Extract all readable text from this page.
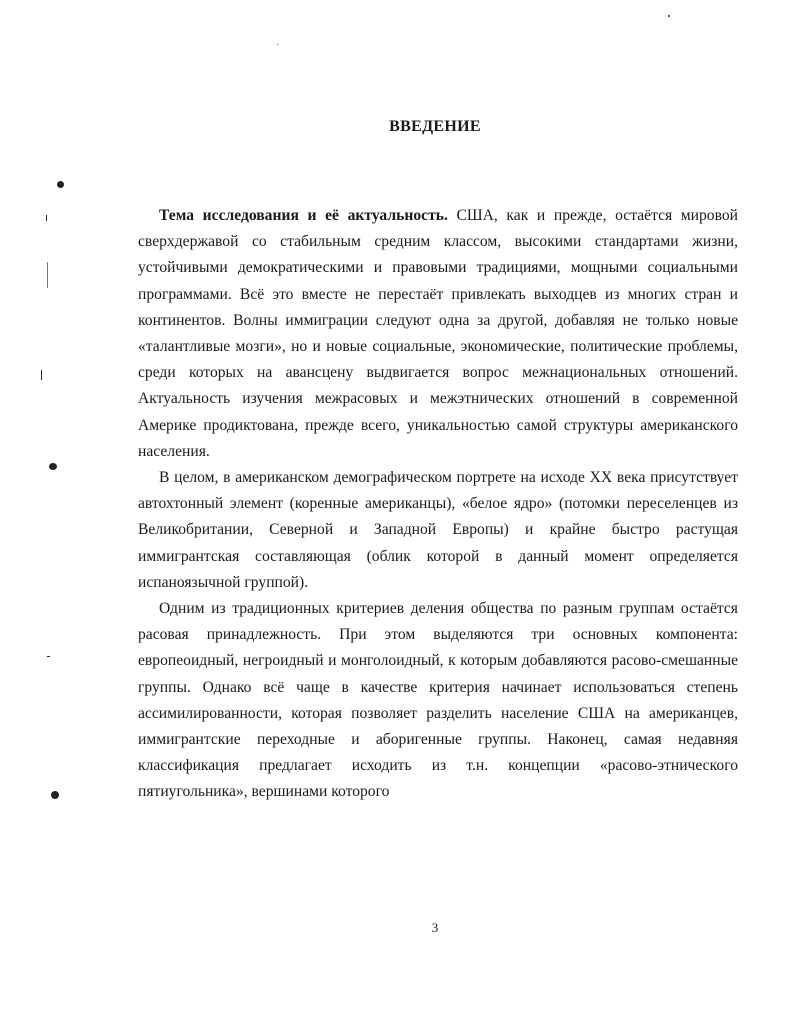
ВВЕДЕНИЕ

Тема исследования и её актуальность. США, как и прежде, остаётся мировой сверхдержавой со стабильным средним классом, высокими стандартами жизни, устойчивыми демократическими и правовыми традициями, мощными социальными программами. Всё это вместе не перестаёт привлекать выходцев из многих стран и континентов. Волны иммиграции следуют одна за другой, добавляя не только новые «талантливые мозги», но и новые социальные, экономические, политические проблемы, среди которых на авансцену выдвигается вопрос межнациональных отношений. Актуальность изучения межрасовых и межэтнических отношений в современной Америке продиктована, прежде всего, уникальностью самой структуры американского населения.

В целом, в американском демографическом портрете на исходе XX века присутствует автохтонный элемент (коренные американцы), «белое ядро» (потомки переселенцев из Великобритании, Северной и Западной Европы) и крайне быстро растущая иммигрантская составляющая (облик которой в данный момент определяется испаноязычной группой).

Одним из традиционных критериев деления общества по разным группам остаётся расовая принадлежность. При этом выделяются три основных компонента: европеоидный, негроидный и монголоидный, к которым добавляются расово-смешанные группы. Однако всё чаще в качестве критерия начинает использоваться степень ассимилированности, которая позволяет разделить население США на американцев, иммигрантские переходные и аборигенные группы. Наконец, самая недавняя классификация предлагает исходить из т.н. концепции «расово-этнического пятиугольника», вершинами которого

3
